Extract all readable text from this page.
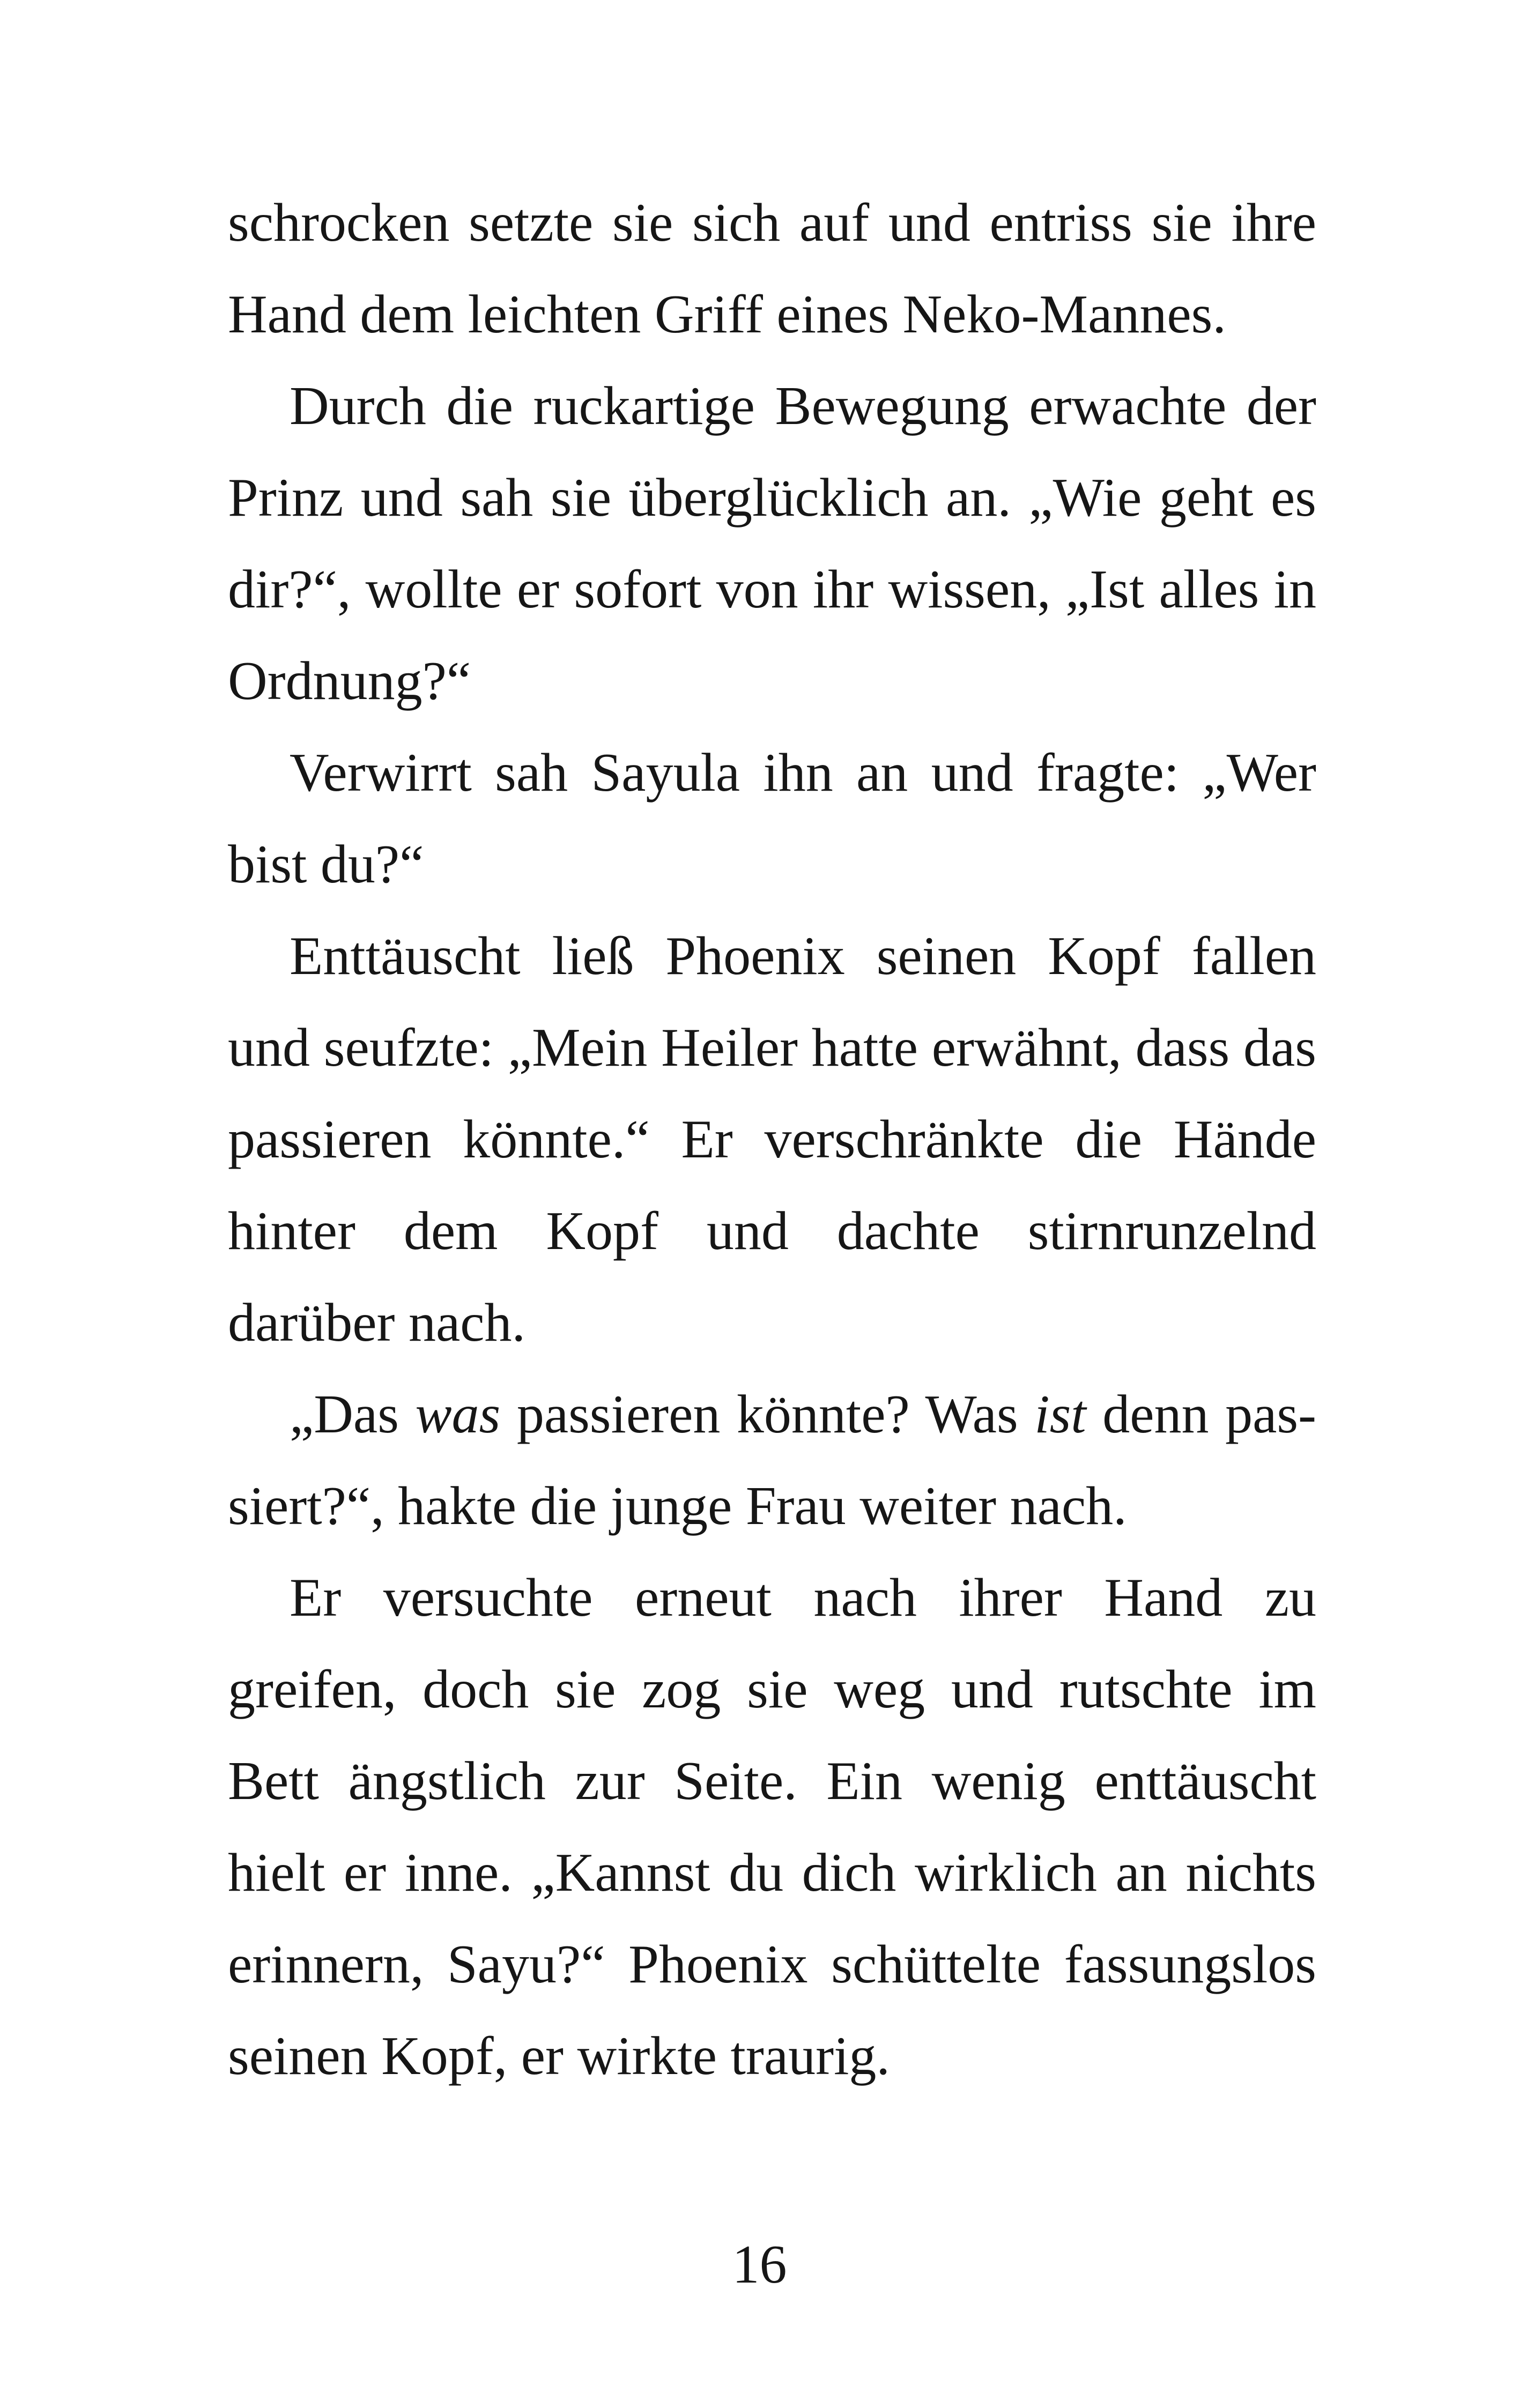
schrocken setzte sie sich auf und entriss sie ihre Hand dem leichten Griff eines Neko-Mannes.

Durch die ruckartige Bewegung erwachte der Prinz und sah sie überglücklich an. „Wie geht es dir?“, wollte er sofort von ihr wissen, „Ist alles in Ordnung?“

Verwirrt sah Sayula ihn an und fragte: „Wer bist du?“

Enttäuscht ließ Phoenix seinen Kopf fallen und seufzte: „Mein Heiler hatte erwähnt, dass das passieren könnte.“ Er verschränkte die Hände hinter dem Kopf und dachte stirnrunzelnd darüber nach.

„Das was passieren könnte? Was ist denn passiert?“, hakte die junge Frau weiter nach.

Er versuchte erneut nach ihrer Hand zu greifen, doch sie zog sie weg und rutschte im Bett ängstlich zur Seite. Ein wenig enttäuscht hielt er inne. „Kannst du dich wirklich an nichts erinnern, Sayu?“ Phoenix schüttelte fassungslos seinen Kopf, er wirkte traurig.

16
